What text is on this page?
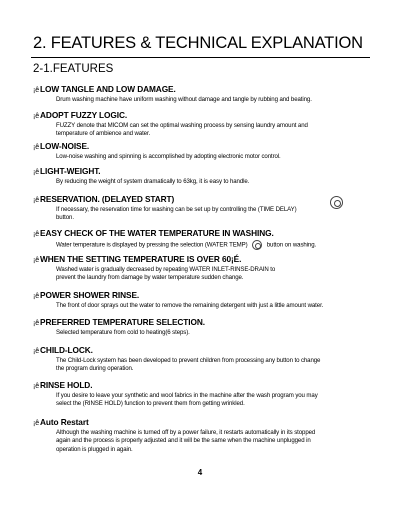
2. FEATURES & TECHNICAL EXPLANATION
2-1.FEATURES
¡êLOW TANGLE AND LOW DAMAGE.
Drum washing machine have uniform washing without damage and tangle by rubbing and beating.
¡êADOPT FUZZY LOGIC.
FUZZY denote that MICOM can set the optimal washing process by sensing laundry amount and
temperature of ambience and water.
¡êLOW-NOISE.
Low-noise washing and spinning is accomplished by adopting electronic motor control.
¡êLIGHT-WEIGHT.
By reducing the weight of system dramatically to 63kg, it is easy to handle.
¡êRESERVATION. (DELAYED START)
If necessary, the reservation time for washing can be set up by controlling the (TIME DELAY)
button.
¡êEASY CHECK OF THE WATER TEMPERATURE IN WASHING.
Water temperature is displayed by pressing the selection (WATER TEMP)	button on washing.
¡êWHEN THE SETTING TEMPERATURE IS OVER 60¡É.
Washed water is gradually decreased by repeating WATER INLET-RINSE-DRAIN to
prevent the laundry from damage by water temperature sudden change.
¡êPOWER SHOWER RINSE.
The front of door sprays out the water to remove the remaining detergent with just a little amount water.
¡êPREFERRED TEMPERATURE SELECTION.
Selected temperature from cold to heating(6 steps).
¡êCHILD-LOCK.
The Child-Lock system has been developed to prevent children from processing any button to change
the program during operation.
¡êRINSE HOLD.
If you desire to leave your synthetic and wool fabrics in the machine after the wash program you may
select the (RINSE HOLD) function to prevent them from getting wrinkled.
¡êAuto Restart
Although the washing machine is turned off by a power failure, it restarts automatically in its stopped
again and the process is properly adjusted and it will be the same when the machine unplugged in
operation is plugged in again.
4
